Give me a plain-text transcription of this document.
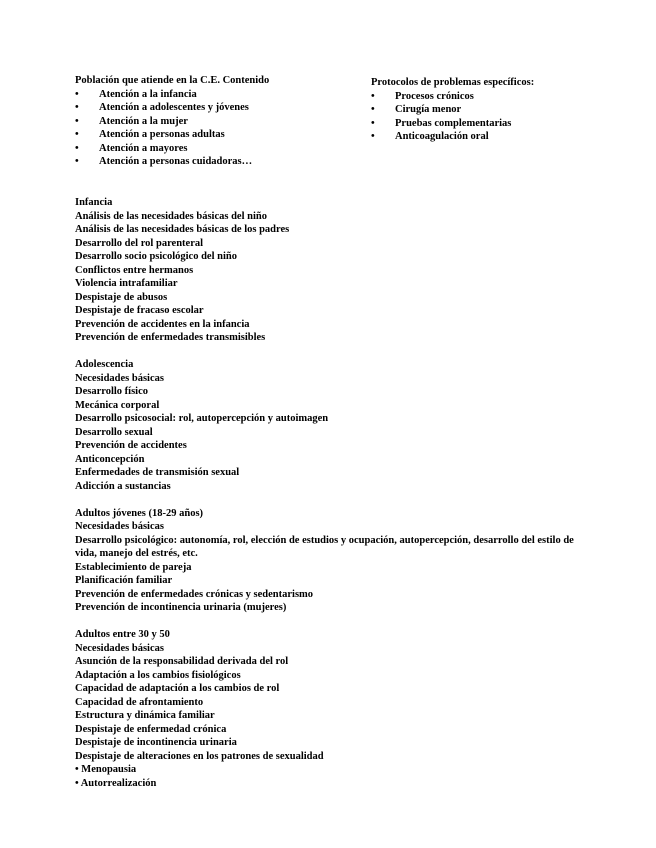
Población que atiende en la C.E. Contenido
• Atención a la infancia
• Atención a adolescentes y jóvenes
• Atención a la mujer
• Atención a personas adultas
• Atención a mayores
• Atención a personas cuidadoras…
Protocolos de problemas específicos:
• Procesos crónicos
• Cirugía menor
• Pruebas complementarias
• Anticoagulación oral
Infancia
Análisis de las necesidades básicas del niño
Análisis de las necesidades básicas de los padres
Desarrollo del rol parenteral
Desarrollo socio psicológico del niño
Conflictos entre hermanos
Violencia intrafamiliar
Despistaje de abusos
Despistaje de fracaso escolar
Prevención de accidentes en la infancia
Prevención de enfermedades transmisibles
Adolescencia
Necesidades básicas
Desarrollo físico
Mecánica corporal
Desarrollo psicosocial: rol, autopercepción y autoimagen
Desarrollo sexual
Prevención de accidentes
Anticoncepción
Enfermedades de transmisión sexual
Adicción a sustancias
Adultos jóvenes (18-29 años)
Necesidades básicas
Desarrollo psicológico: autonomía, rol, elección de estudios y ocupación, autopercepción, desarrollo del estilo de vida, manejo del estrés, etc.
Establecimiento de pareja
Planificación familiar
Prevención de enfermedades crónicas y sedentarismo
Prevención de incontinencia urinaria (mujeres)
Adultos entre 30 y 50
Necesidades básicas
Asunción de la responsabilidad derivada del rol
Adaptación a los cambios fisiológicos
Capacidad de adaptación a los cambios de rol
Capacidad de afrontamiento
Estructura y dinámica familiar
Despistaje de enfermedad crónica
Despistaje de incontinencia urinaria
Despistaje de alteraciones en los patrones de sexualidad
• Menopausia
• Autorrealización
